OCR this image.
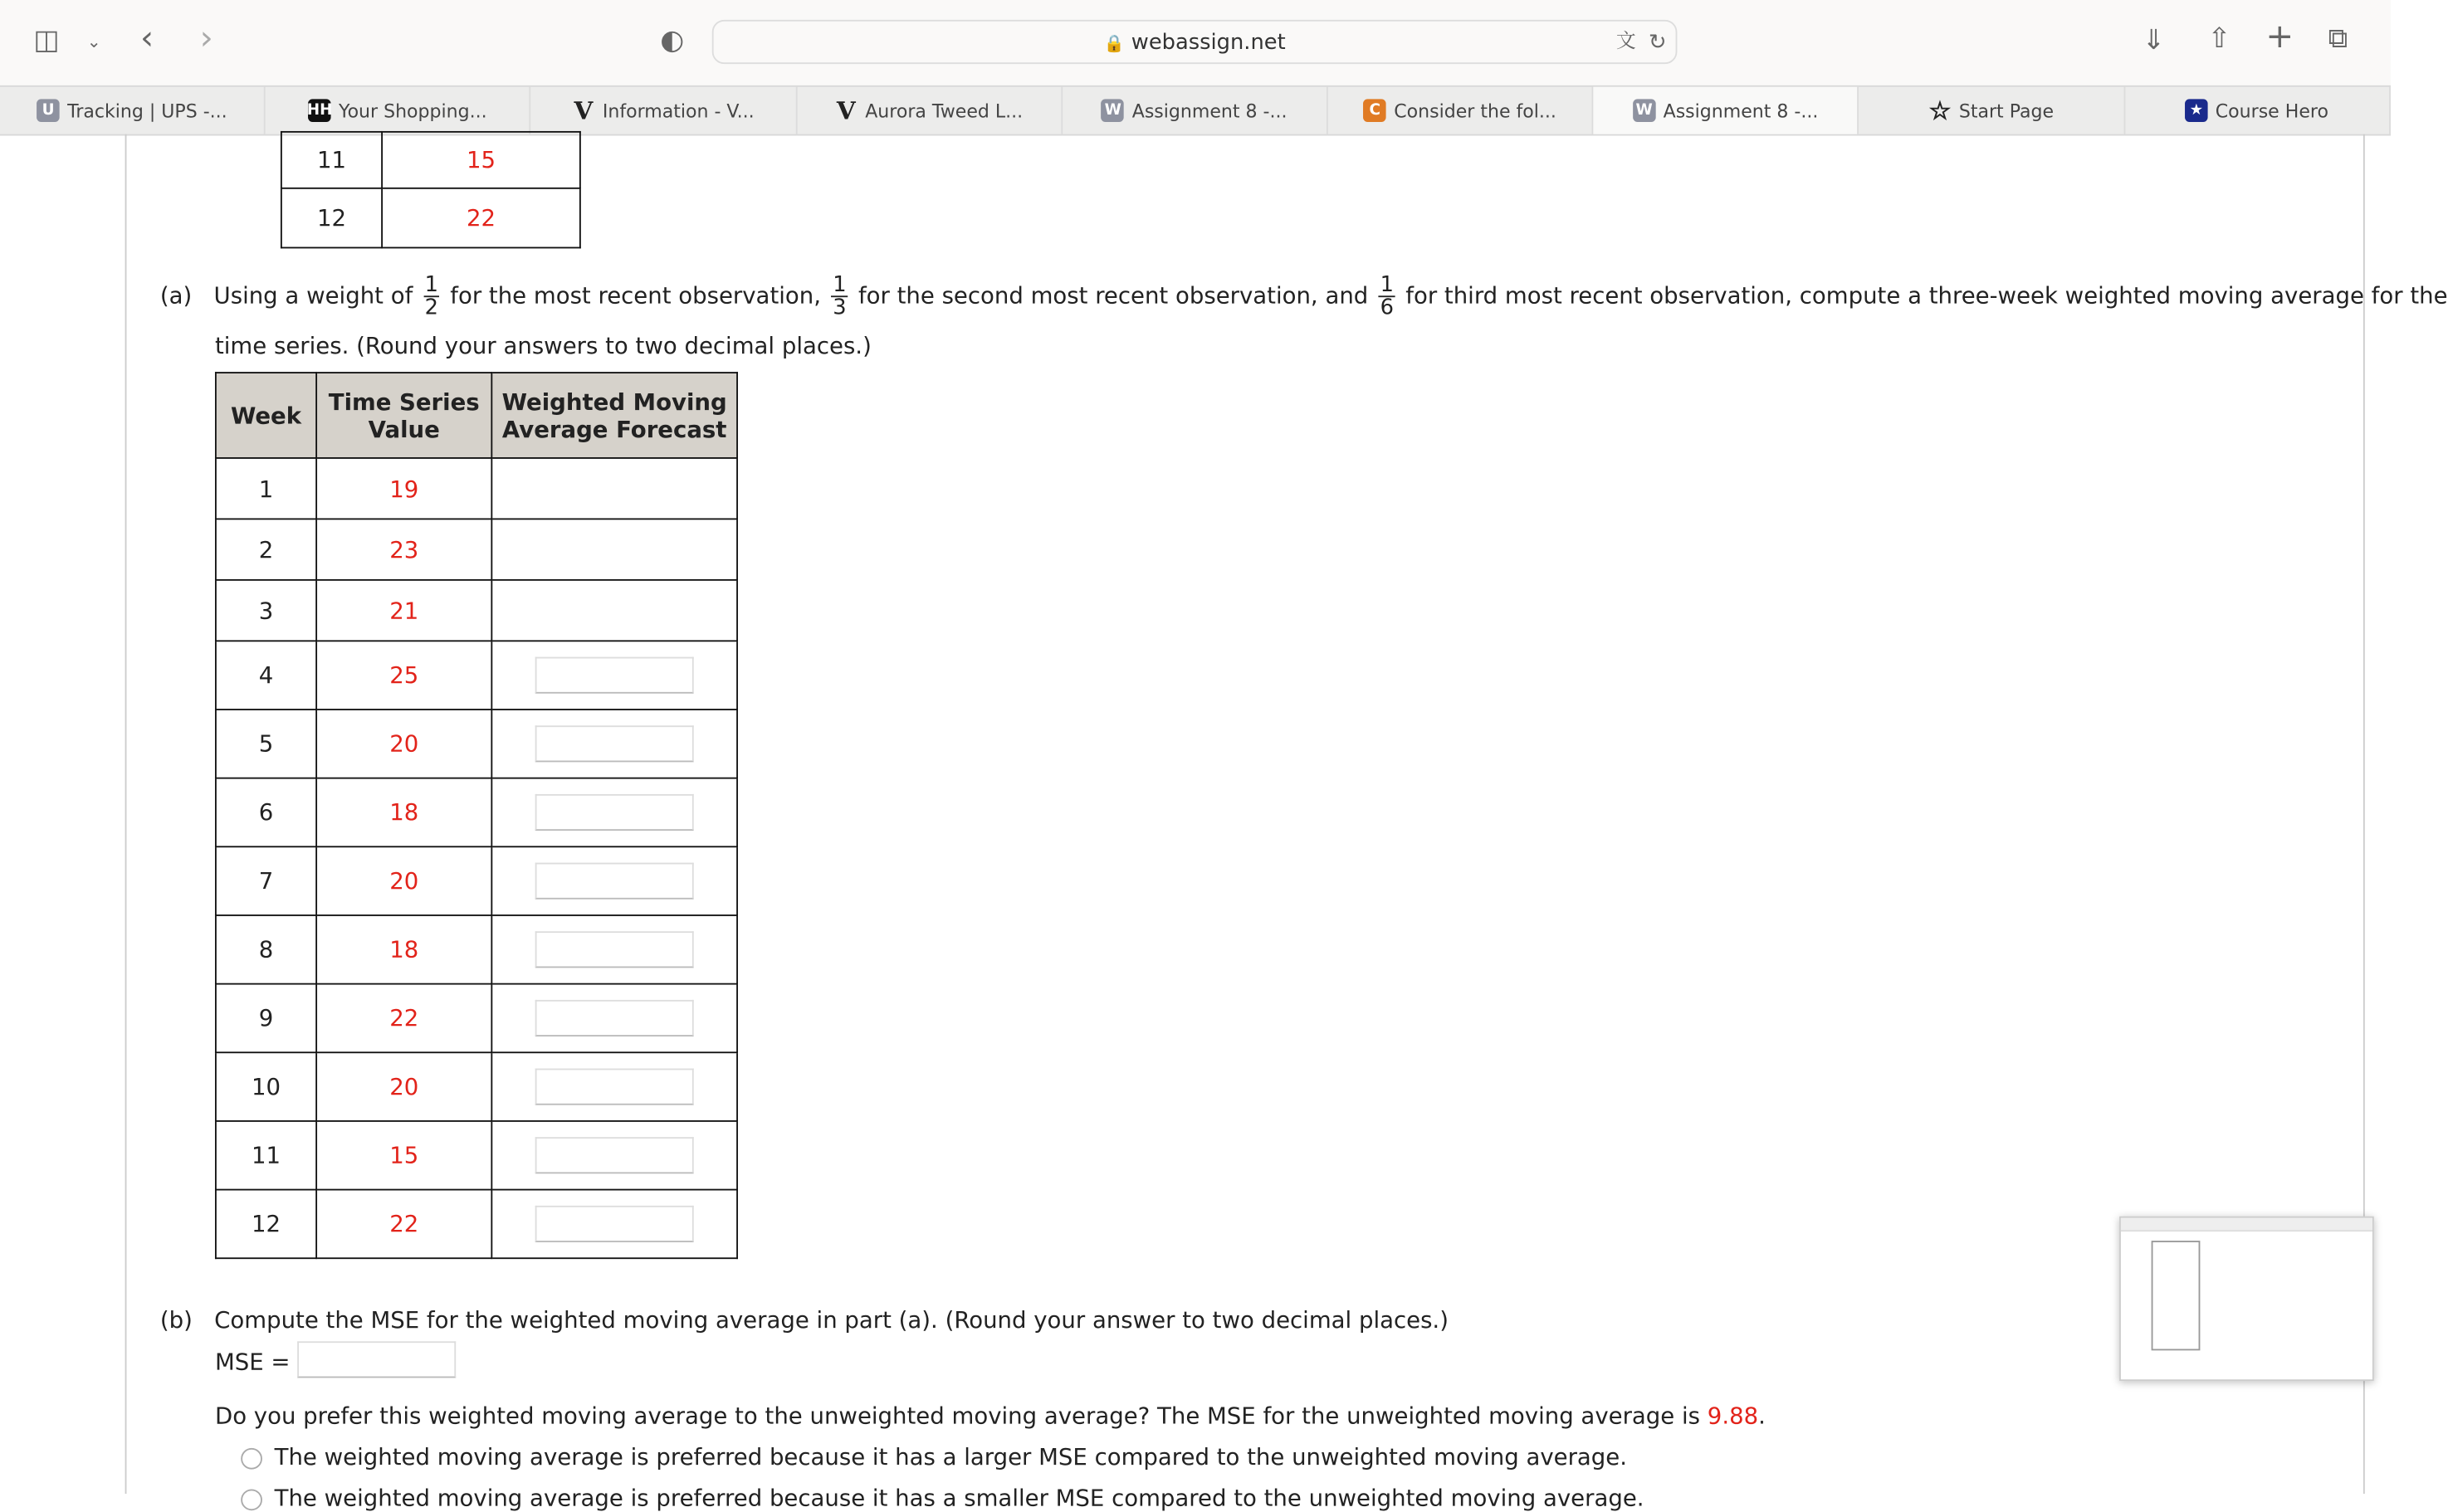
◫	⌄ ‹	›	◐	🔒 webassign.net	文 ↻	⇓	⇧ + ⧉
U	Tracking | UPS -...	HH Your Shopping...	V Information - V...	V Aurora Tweed L...	W	Assignment 8 -...	C	Consider the fol...	W	Assignment 8 -...	☆ Start Page	★	Course Hero
11	15
12	22
(a) Using a weight of $\frac{1}{2}$ for the most recent observation, $\frac{1}{3}$ for the second most recent observation, and $\frac{1}{6}$ for third most recent observation, compute a three-week weighted moving average for the
time series. (Round your answers to two decimal places.)
Week	Time Series Value	Weighted Moving Average Forecast
1	19	
2	23	
3	21	
4	25	
5	20	
6	18	
7	20	
8	18	
9	22	
10	20	
11	15	
12	22	
(b) Compute the MSE for the weighted moving average in part (a). (Round your answer to two decimal places.)
MSE =
Do you prefer this weighted moving average to the unweighted moving average? The MSE for the unweighted moving average is 9.88.
The weighted moving average is preferred because it has a larger MSE compared to the unweighted moving average.
The weighted moving average is preferred because it has a smaller MSE compared to the unweighted moving average.
